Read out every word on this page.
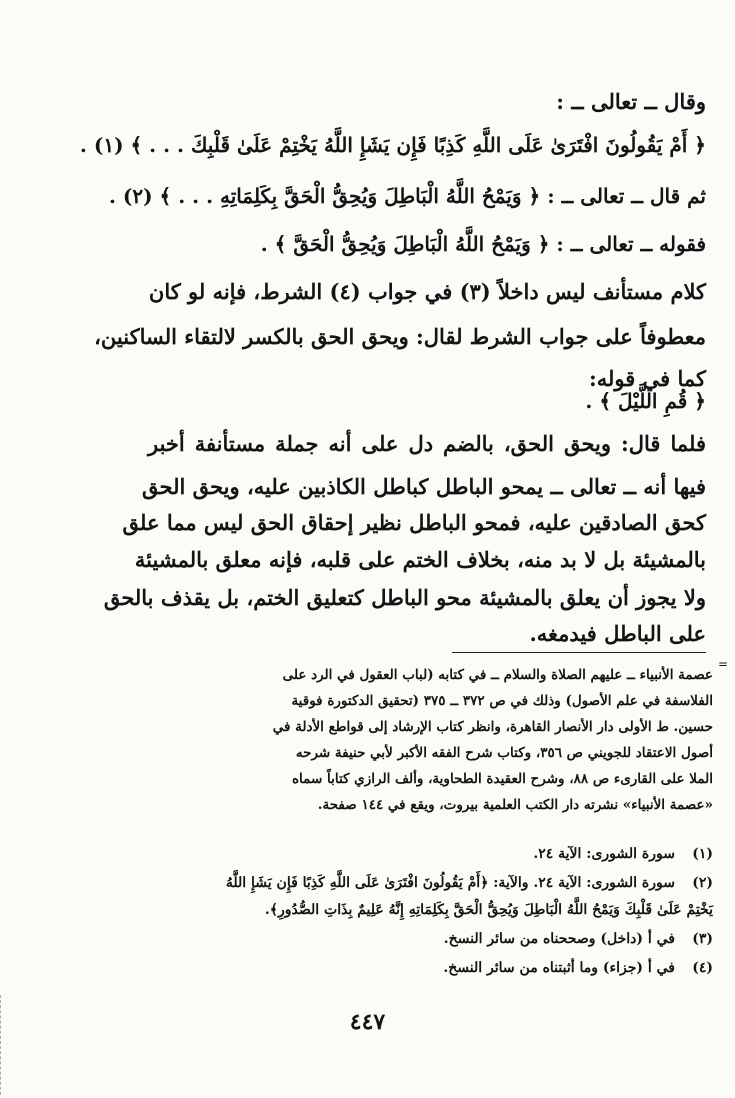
وقال ــ تعالى ــ :
﴿ أَمْ يَقُولُونَ افْتَرَىٰ عَلَى اللَّهِ كَذِبًا فَإِن يَشَإِ اللَّهُ يَخْتِمْ عَلَىٰ قَلْبِكَ . . . ﴾ (١) .
ثم قال ــ تعالى ــ : ﴿ وَيَمْحُ اللَّهُ الْبَاطِلَ وَيُحِقُّ الْحَقَّ بِكَلِمَاتِهِ . . . ﴾ (٢) .
فقوله ــ تعالى ــ : ﴿ وَيَمْحُ اللَّهُ الْبَاطِلَ وَيُحِقُّ الْحَقَّ ﴾ .
كلام مستأنف ليس داخلاً (٣) في جواب (٤) الشرط، فإنه لو كان
معطوفاً على جواب الشرط لقال: ويحق الحق بالكسر لالتقاء الساكنين،
كما في قوله:
﴿ قُمِ اللَّيْلَ ﴾ .
فلما قال: ويحق الحق، بالضم دل على أنه جملة مستأنفة أخبر
فيها أنه ــ تعالى ــ يمحو الباطل كباطل الكاذبين عليه، ويحق الحق
كحق الصادقين عليه، فمحو الباطل نظير إحقاق الحق ليس مما علق
بالمشيئة بل لا بد منه، بخلاف الختم على قلبه، فإنه معلق بالمشيئة
ولا يجوز أن يعلق بالمشيئة محو الباطل كتعليق الختم، بل يقذف بالحق
على الباطل فيدمغه.
=
عصمة الأنبياء ــ عليهم الصلاة والسلام ــ في كتابه (لباب العقول في الرد على
الفلاسفة في علم الأصول) وذلك في ص ٣٧٢ ــ ٣٧٥ (تحقيق الدكتورة فوقية
حسين. ط الأولى دار الأنصار القاهرة، وانظر كتاب الإرشاد إلى قواطع الأدلة في
أصول الاعتقاد للجويني ص ٣٥٦، وكتاب شرح الفقه الأكبر لأبي حنيفة شرحه
الملا على القارىء ص ٨٨، وشرح العقيدة الطحاوية، وألف الرازي كتاباً سماه
«عصمة الأنبياء» نشرته دار الكتب العلمية بيروت، ويقع في ١٤٤ صفحة.
(١)سورة الشورى: الآية ٢٤.
(٢)سورة الشورى: الآية ٢٤. والآية: ﴿أَمْ يَقُولُونَ افْتَرَىٰ عَلَى اللَّهِ كَذِبًا فَإِن يَشَإِ اللَّهُ
يَخْتِمْ عَلَىٰ قَلْبِكَ وَيَمْحُ اللَّهُ الْبَاطِلَ وَيُحِقُّ الْحَقَّ بِكَلِمَاتِهِ إِنَّهُ عَلِيمٌ بِذَاتِ الصُّدُورِ﴾.
(٣)في أ (داخل) وصححناه من سائر النسخ.
(٤)في أ (جزاء) وما أثبتناه من سائر النسخ.
٤٤٧
